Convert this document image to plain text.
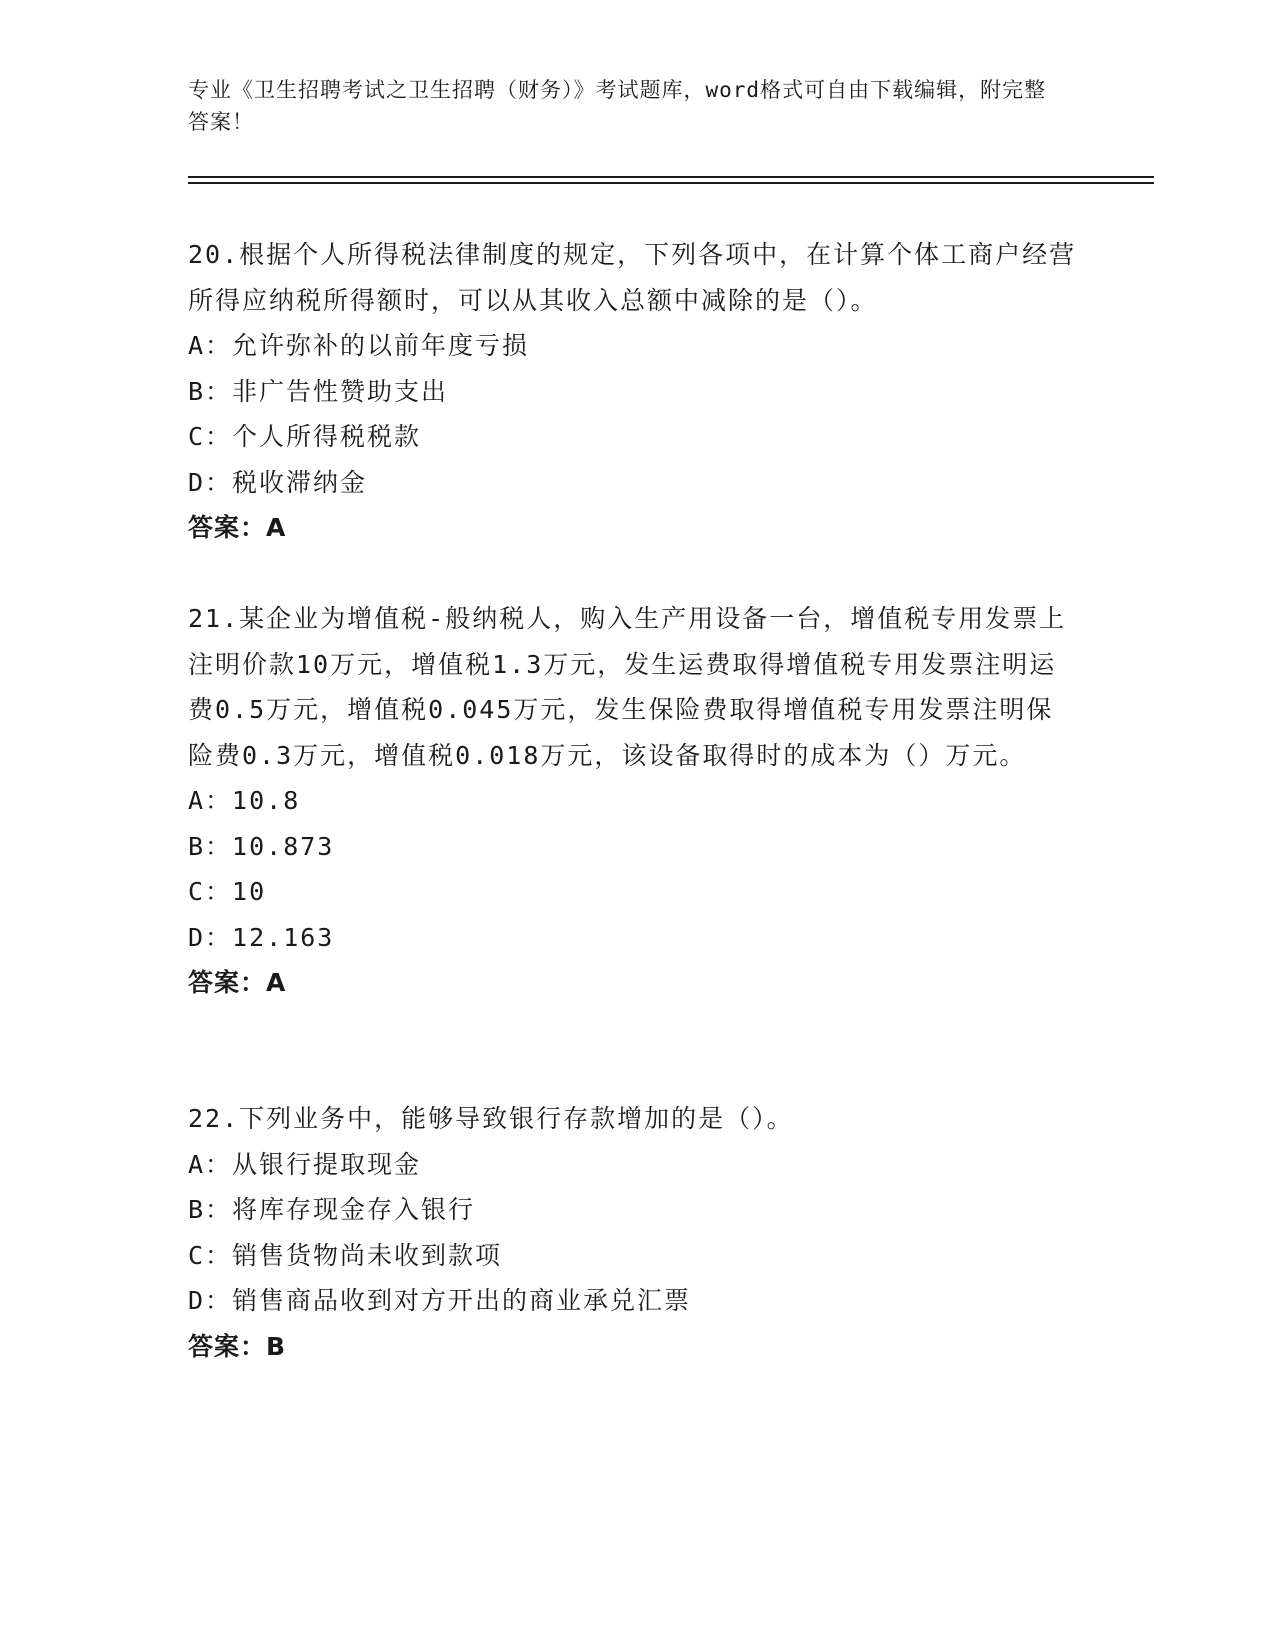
专业《卫生招聘考试之卫生招聘（财务）》考试题库，word格式可自由下载编辑，附完整答案！

20.根据个人所得税法律制度的规定，下列各项中，在计算个体工商户经营所得应纳税所得额时，可以从其收入总额中减除的是（）。

A：允许弥补的以前年度亏损

B：非广告性赞助支出

C：个人所得税税款

D：税收滞纳金

答案：A

21.某企业为增值税-般纳税人，购入生产用设备一台，增值税专用发票上注明价款10万元，增值税1.3万元，发生运费取得增值税专用发票注明运费0.5万元，增值税0.045万元，发生保险费取得增值税专用发票注明保险费0.3万元，增值税0.018万元，该设备取得时的成本为（）万元。

A：10.8

B：10.873

C：10

D：12.163

答案：A

22.下列业务中，能够导致银行存款增加的是（）。

A：从银行提取现金

B：将库存现金存入银行

C：销售货物尚未收到款项

D：销售商品收到对方开出的商业承兑汇票

答案：B
